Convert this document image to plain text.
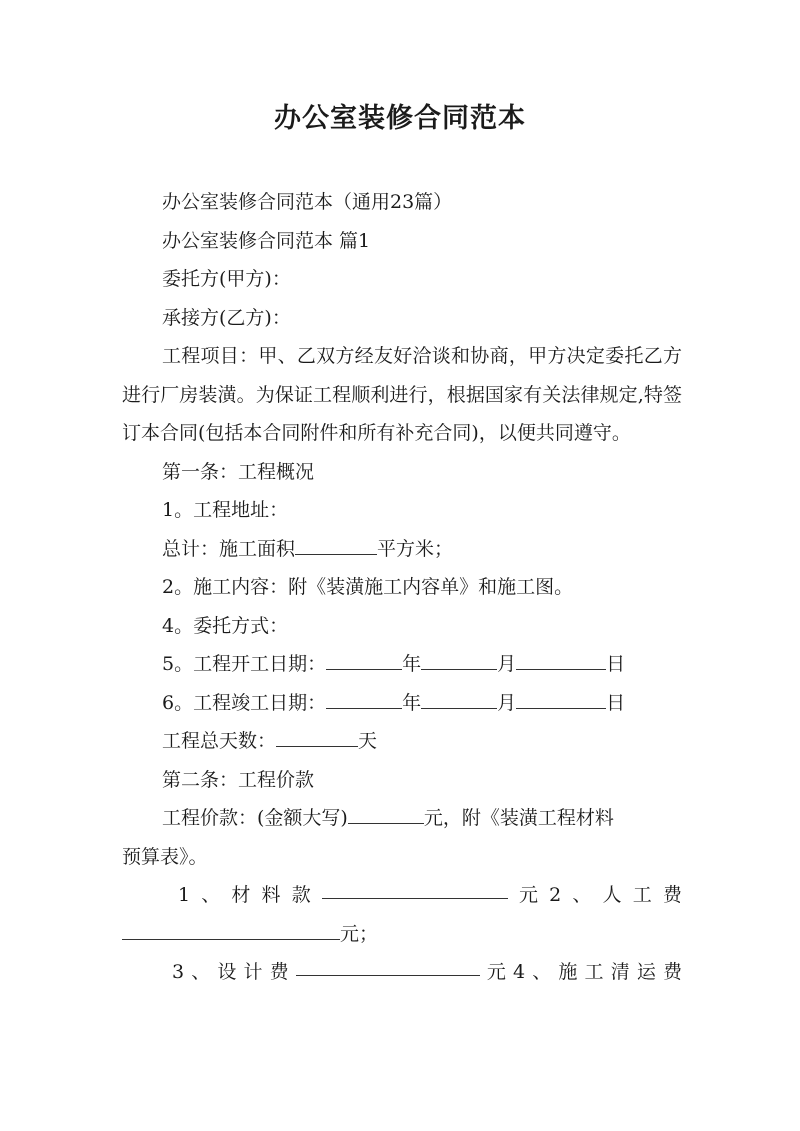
办公室装修合同范本

办公室装修合同范本（通用23篇）

办公室装修合同范本 篇1

委托方(甲方)：

承接方(乙方)：

工程项目：甲、乙双方经友好洽谈和协商，甲方决定委托乙方进行厂房装潢。为保证工程顺利进行，根据国家有关法律规定,特签订本合同(包括本合同附件和所有补充合同)，以便共同遵守。

第一条：工程概况

1。工程地址：

总计：施工面积	平方米；

2。施工内容：附《装潢施工内容单》和施工图。

4。委托方式：

5。工程开工日期：	年	月	日

6。工程竣工日期：	年	月	日

工程总天数：	天

第二条：工程价款

工程价款：(金额大写)	元，附《装潢工程材料

预算表》。

1 、 材 料 款	元 2 、 人 工 费

元；

3 、 设 计 费	元 4 、 施 工 清 运 费
